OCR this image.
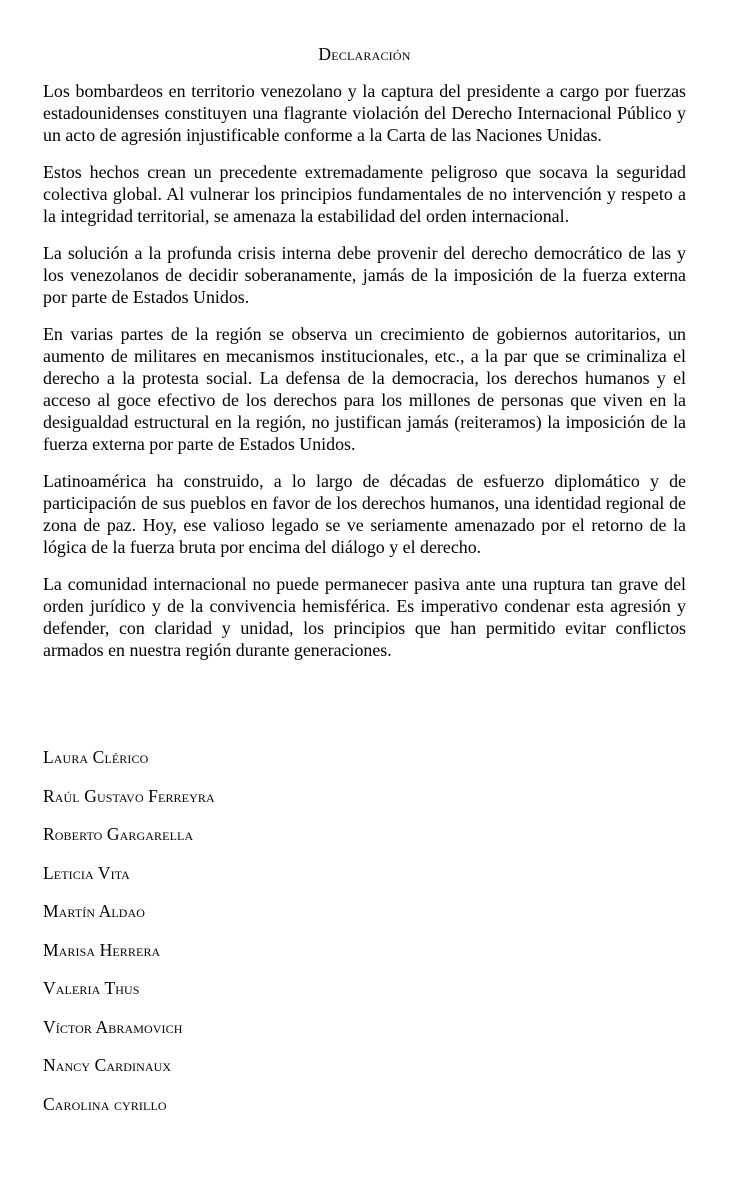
Declaración

Los bombardeos en territorio venezolano y la captura del presidente a cargo por fuerzas estadounidenses constituyen una flagrante violación del Derecho Internacional Público y un acto de agresión injustificable conforme a la Carta de las Naciones Unidas.

Estos hechos crean un precedente extremadamente peligroso que socava la seguridad colectiva global. Al vulnerar los principios fundamentales de no intervención y respeto a la integridad territorial, se amenaza la estabilidad del orden internacional.

La solución a la profunda crisis interna debe provenir del derecho democrático de las y los venezolanos de decidir soberanamente, jamás de la imposición de la fuerza externa por parte de Estados Unidos.

En varias partes de la región se observa un crecimiento de gobiernos autoritarios, un aumento de militares en mecanismos institucionales, etc., a la par que se criminaliza el derecho a la protesta social. La defensa de la democracia, los derechos humanos y el acceso al goce efectivo de los derechos para los millones de personas que viven en la desigualdad estructural en la región, no justifican jamás (reiteramos) la imposición de la fuerza externa por parte de Estados Unidos.

Latinoamérica ha construido, a lo largo de décadas de esfuerzo diplomático y de participación de sus pueblos en favor de los derechos humanos, una identidad regional de zona de paz. Hoy, ese valioso legado se ve seriamente amenazado por el retorno de la lógica de la fuerza bruta por encima del diálogo y el derecho.

La comunidad internacional no puede permanecer pasiva ante una ruptura tan grave del orden jurídico y de la convivencia hemisférica. Es imperativo condenar esta agresión y defender, con claridad y unidad, los principios que han permitido evitar conflictos armados en nuestra región durante generaciones.

Laura Clérico
Raúl Gustavo Ferreyra
Roberto Gargarella
Leticia Vita
Martín Aldao
Marisa Herrera
Valeria Thus
Víctor Abramovich
Nancy Cardinaux
Carolina cyrillo
